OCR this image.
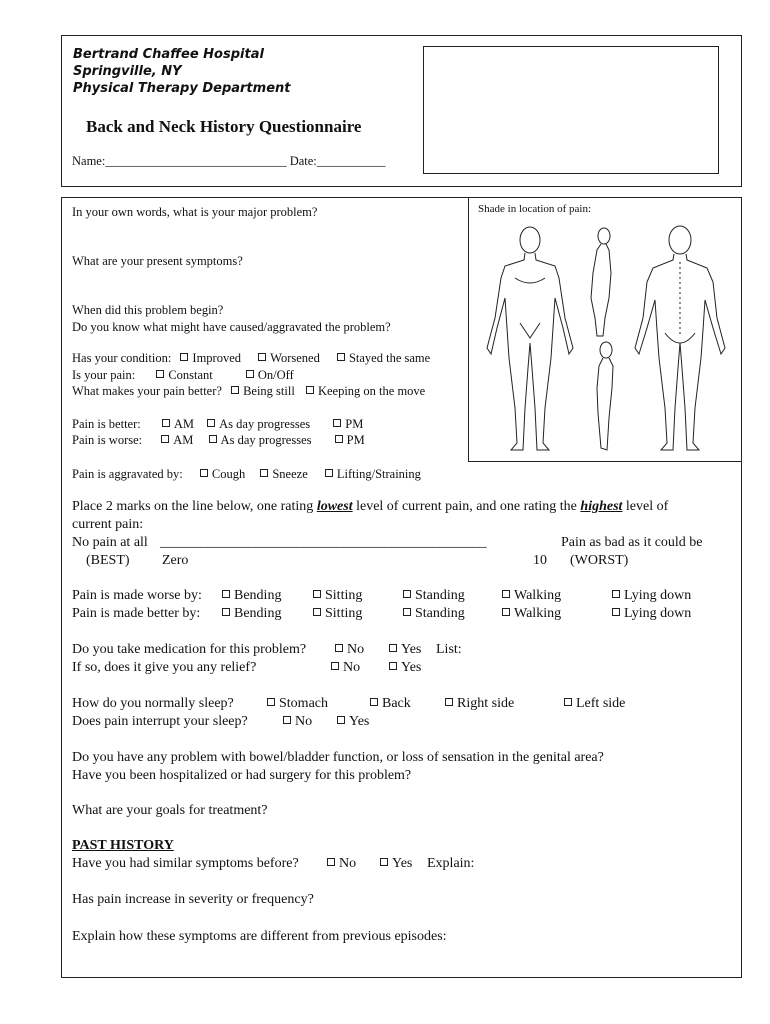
Bertrand Chaffee Hospital
Springville, NY
Physical Therapy Department
Back and Neck History Questionnaire
Name:_____________________________ Date:___________
Shade in location of pain:
In your own words, what is your major problem?
What are your present symptoms?
When did this problem begin?
Do you know what might have caused/aggravated the problem?
Has your condition: Improved Worsened Stayed the same
Is your pain:	Constant	On/Off
What makes your pain better? Being still Keeping on the move
Pain is better:	AM As day progresses	PM
Pain is worse: AM As day progresses	PM
Pain is aggravated by: Cough Sneeze Lifting/Straining
Place 2 marks on the line below, one rating lowest level of current pain, and one rating the highest level of
current pain:
No pain at all ________________________________________________	Pain as bad as it could be
(BEST) Zero	10 (WORST)
Pain is made worse by:	Bending	Sitting	Standing	Walking	Lying down
Pain is made better by:	Bending	Sitting	Standing	Walking	Lying down
Do you take medication for this problem?	No	Yes List:
If so, does it give you any relief?	No	Yes
How do you normally sleep?	Stomach	Back	Right side	Left side
Does pain interrupt your sleep?	No	Yes
Do you have any problem with bowel/bladder function, or loss of sensation in the genital area?
Have you been hospitalized or had surgery for this problem?
What are your goals for treatment?
PAST HISTORY
Have you had similar symptoms before?	No	Yes Explain:
Has pain increase in severity or frequency?
Explain how these symptoms are different from previous episodes:
